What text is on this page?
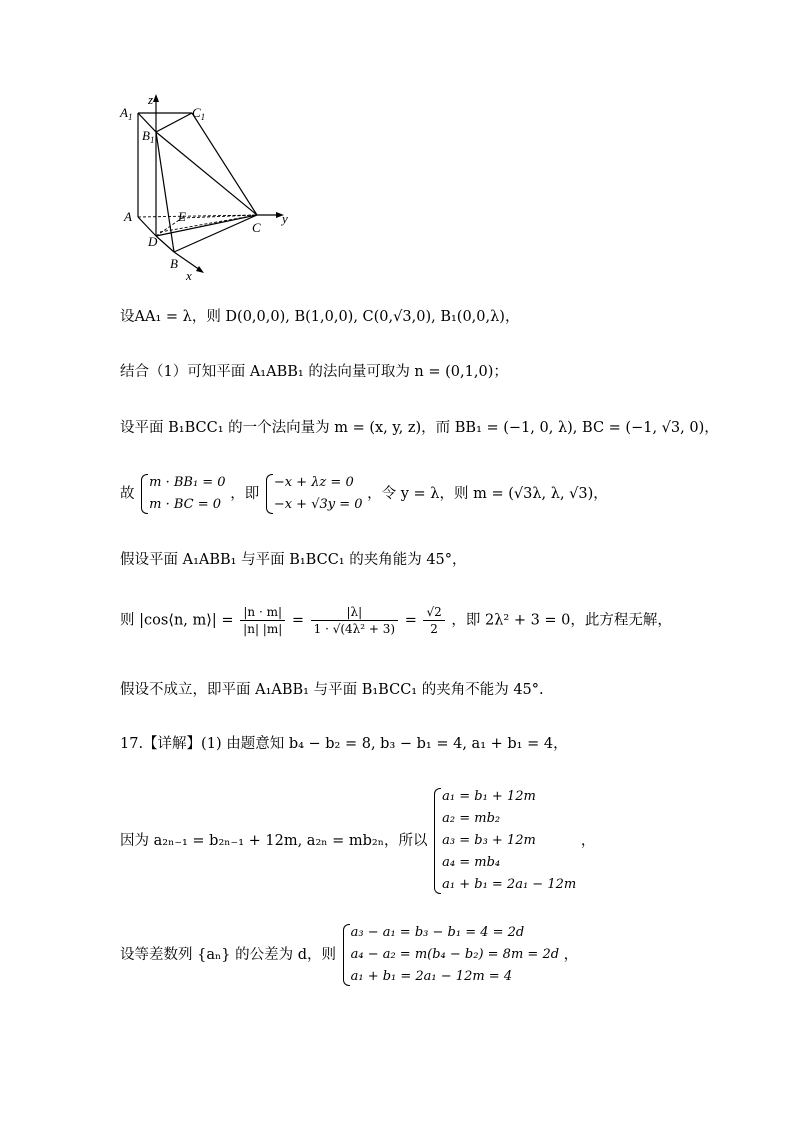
$A_1$
z
$C_1$
$B_1$
A	E
C
y
D
B
x
设AA₁ = λ，则 D(0,0,0), B(1,0,0), C(0,√3,0), B₁(0,0,λ)，
结合（1）可知平面 A₁ABB₁ 的法向量可取为 n = (0,1,0)；
设平面 B₁BCC₁ 的一个法向量为 m = (x, y, z)，而 BB₁ = (−1, 0, λ), BC = (−1, √3, 0)，
故
m · BB₁ = 0
m · BC = 0
，即
−x + λz = 0
−x + √3y = 0
，令 y = λ，则 m = (√3λ, λ, √3)，
假设平面 A₁ABB₁ 与平面 B₁BCC₁ 的夹角能为 45°，
则 |cos⟨n, m⟩| = $\frac{|n \cdot m|}{|n| |m|} = \frac{|\lambda|}{\text{1 · √(4λ² + 3)}} = \frac{√2}{2}$ ，即 2λ² + 3 = 0，此方程无解，
假设不成立，即平面 A₁ABB₁ 与平面 B₁BCC₁ 的夹角不能为 45°.
17.【详解】(1) 由题意知 b₄ − b₂ = 8, b₃ − b₁ = 4, a₁ + b₁ = 4，
因为 a₂ₙ₋₁ = b₂ₙ₋₁ + 12m, a₂ₙ = mb₂ₙ，所以
a₁ = b₁ + 12m
a₂ = mb₂
a₃ = b₃ + 12m
a₄ = mb₄
a₁ + b₁ = 2a₁ − 12m
，
设等差数列 {aₙ} 的公差为 d，则
a₃ − a₁ = b₃ − b₁ = 4 = 2d
a₄ − a₂ = m(b₄ − b₂) = 8m = 2d
a₁ + b₁ = 2a₁ − 12m = 4
，
